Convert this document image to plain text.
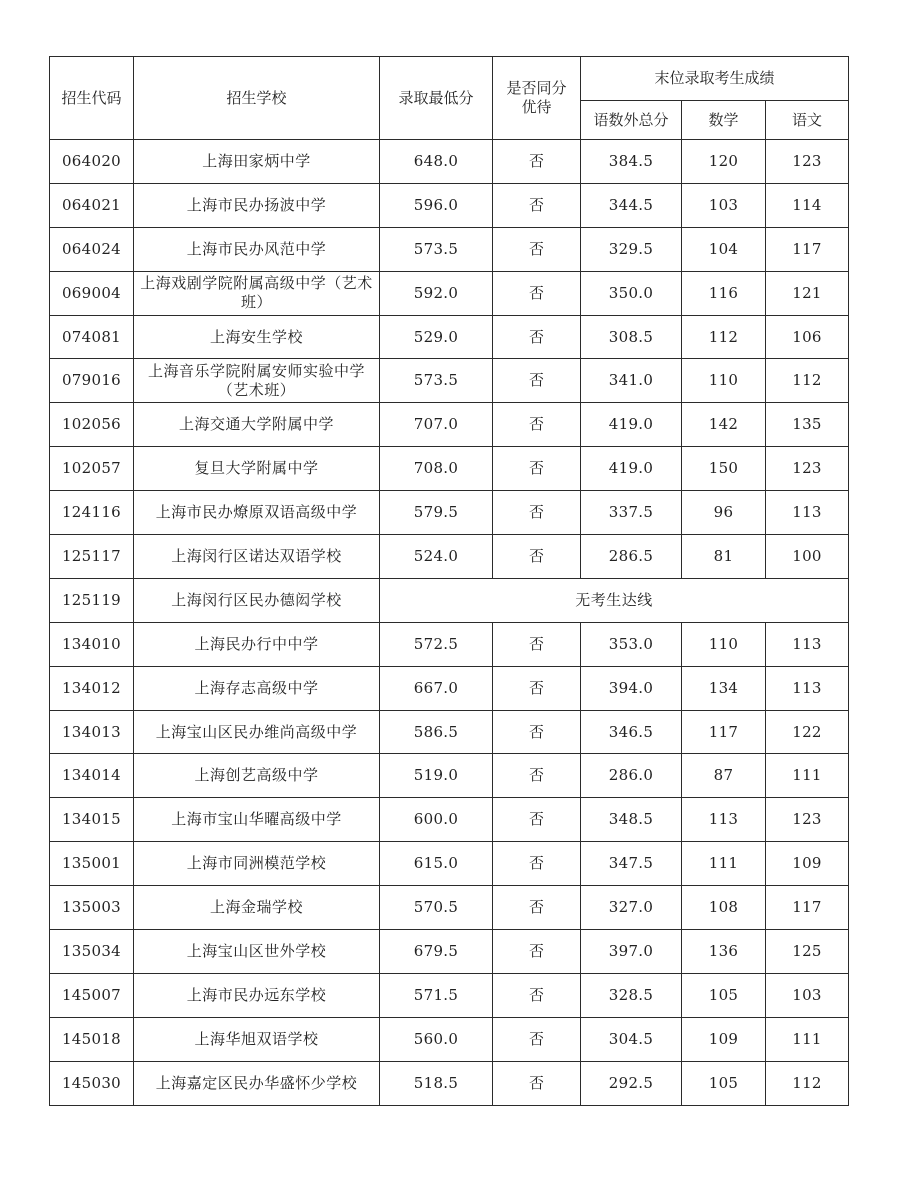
招生代码	招生学校	录取最低分	是否同分优待	末位录取考生成绩		
				语数外总分	数学	语文
064020	上海田家炳中学	648.0	否	384.5	120	123
064021	上海市民办扬波中学	596.0	否	344.5	103	114
064024	上海市民办风范中学	573.5	否	329.5	104	117
069004	上海戏剧学院附属高级中学（艺术班）	592.0	否	350.0	116	121
074081	上海安生学校	529.0	否	308.5	112	106
079016	上海音乐学院附属安师实验中学（艺术班）	573.5	否	341.0	110	112
102056	上海交通大学附属中学	707.0	否	419.0	142	135
102057	复旦大学附属中学	708.0	否	419.0	150	123
124116	上海市民办燎原双语高级中学	579.5	否	337.5	96	113
125117	上海闵行区诺达双语学校	524.0	否	286.5	81	100
125119	上海闵行区民办德闳学校	无考生达线				
134010	上海民办行中中学	572.5	否	353.0	110	113
134012	上海存志高级中学	667.0	否	394.0	134	113
134013	上海宝山区民办维尚高级中学	586.5	否	346.5	117	122
134014	上海创艺高级中学	519.0	否	286.0	87	111
134015	上海市宝山华曜高级中学	600.0	否	348.5	113	123
135001	上海市同洲模范学校	615.0	否	347.5	111	109
135003	上海金瑞学校	570.5	否	327.0	108	117
135034	上海宝山区世外学校	679.5	否	397.0	136	125
145007	上海市民办远东学校	571.5	否	328.5	105	103
145018	上海华旭双语学校	560.0	否	304.5	109	111
145030	上海嘉定区民办华盛怀少学校	518.5	否	292.5	105	112
